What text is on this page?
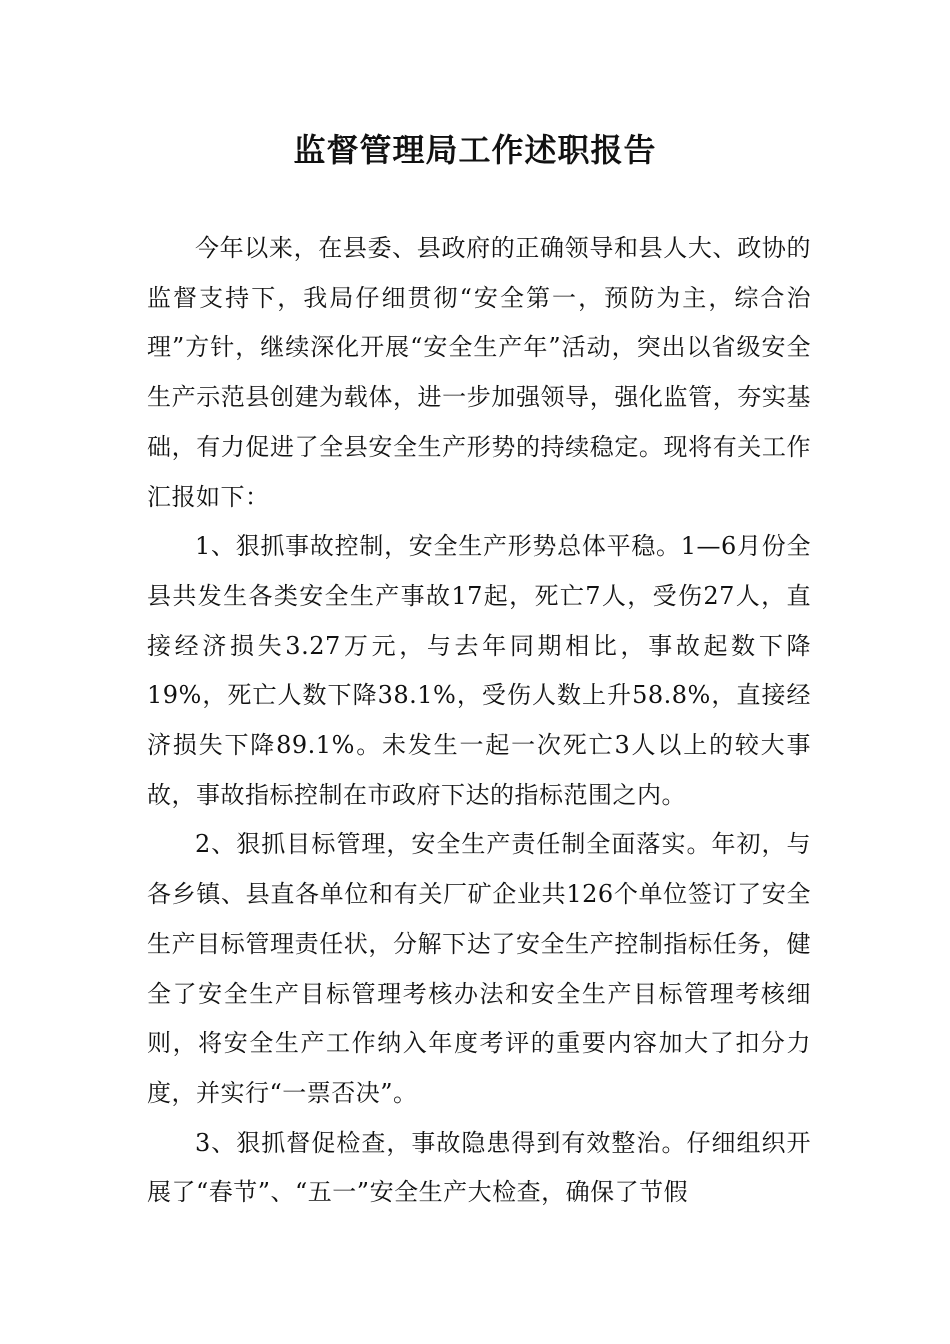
监督管理局工作述职报告

今年以来，在县委、县政府的正确领导和县人大、政协的监督支持下，我局仔细贯彻“安全第一，预防为主，综合治理”方针，继续深化开展“安全生产年”活动，突出以省级安全生产示范县创建为载体，进一步加强领导，强化监管，夯实基础，有力促进了全县安全生产形势的持续稳定。现将有关工作汇报如下：

1、狠抓事故控制，安全生产形势总体平稳。1—6月份全县共发生各类安全生产事故17起，死亡7人，受伤27人，直接经济损失3.27万元，与去年同期相比，事故起数下降19%，死亡人数下降38.1%，受伤人数上升58.8%，直接经济损失下降89.1%。未发生一起一次死亡3人以上的较大事故，事故指标控制在市政府下达的指标范围之内。

2、狠抓目标管理，安全生产责任制全面落实。年初，与各乡镇、县直各单位和有关厂矿企业共126个单位签订了安全生产目标管理责任状，分解下达了安全生产控制指标任务，健全了安全生产目标管理考核办法和安全生产目标管理考核细则，将安全生产工作纳入年度考评的重要内容加大了扣分力度，并实行“一票否决”。

3、狠抓督促检查，事故隐患得到有效整治。仔细组织开展了“春节”、“五一”安全生产大检查，确保了节假
